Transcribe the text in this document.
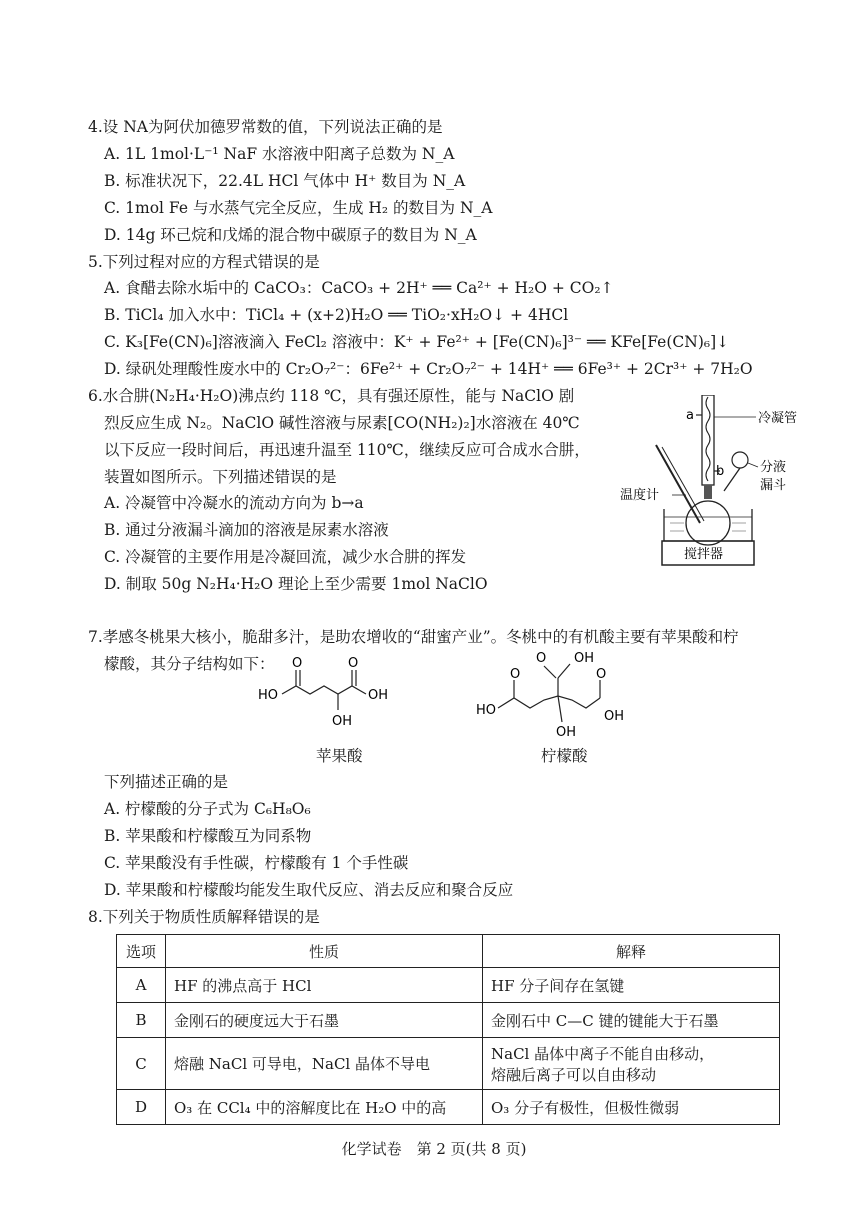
4.设 NA为阿伏加德罗常数的值，下列说法正确的是
A. 1L 1mol·L⁻¹ NaF 水溶液中阳离子总数为 N_A
B. 标准状况下，22.4L HCl 气体中 H⁺ 数目为 N_A
C. 1mol Fe 与水蒸气完全反应，生成 H₂ 的数目为 N_A
D. 14g 环己烷和戊烯的混合物中碳原子的数目为 N_A
5.下列过程对应的方程式错误的是
A. 食醋去除水垢中的 CaCO₃：CaCO₃ + 2H⁺ ══ Ca²⁺ + H₂O + CO₂↑
B. TiCl₄ 加入水中：TiCl₄ + (x+2)H₂O ══ TiO₂·xH₂O↓ + 4HCl
C. K₃[Fe(CN)₆]溶液滴入 FeCl₂ 溶液中：K⁺ + Fe²⁺ + [Fe(CN)₆]³⁻ ══ KFe[Fe(CN)₆]↓
D. 绿矾处理酸性废水中的 Cr₂O₇²⁻：6Fe²⁺ + Cr₂O₇²⁻ + 14H⁺ ══ 6Fe³⁺ + 2Cr³⁺ + 7H₂O
6.水合肼(N₂H₄·H₂O)沸点约 118 ℃，具有强还原性，能与 NaClO 剧
烈反应生成 N₂。NaClO 碱性溶液与尿素[CO(NH₂)₂]水溶液在 40℃
以下反应一段时间后，再迅速升温至 110℃，继续反应可合成水合肼，
装置如图所示。下列描述错误的是
A. 冷凝管中冷凝水的流动方向为 b→a
B. 通过分液漏斗滴加的溶液是尿素水溶液
C. 冷凝管的主要作用是冷凝回流，减少水合肼的挥发
D. 制取 50g N₂H₄·H₂O 理论上至少需要 1mol NaClO
a
b
冷凝管
分液
漏斗
温度计
搅拌器
7.孝感冬桃果大核小，脆甜多汁，是助农增收的“甜蜜产业”。冬桃中的有机酸主要有苹果酸和柠
檬酸，其分子结构如下：
HO
O
OH
O
OH
苹果酸
O OH
O
HO
O
OH
OH
柠檬酸
下列描述正确的是
A. 柠檬酸的分子式为 C₆H₈O₆
B. 苹果酸和柠檬酸互为同系物
C. 苹果酸没有手性碳，柠檬酸有 1 个手性碳
D. 苹果酸和柠檬酸均能发生取代反应、消去反应和聚合反应
8.下列关于物质性质解释错误的是
选项	性质	解释
A	HF 的沸点高于 HCl	HF 分子间存在氢键
B	金刚石的硬度远大于石墨	金刚石中 C—C 键的键能大于石墨
C	熔融 NaCl 可导电，NaCl 晶体不导电	NaCl 晶体中离子不能自由移动，
熔融后离子可以自由移动

D	O₃ 在 CCl₄ 中的溶解度比在 H₂O 中的高	O₃ 分子有极性，但极性微弱
化学试卷　第 2 页(共 8 页)
